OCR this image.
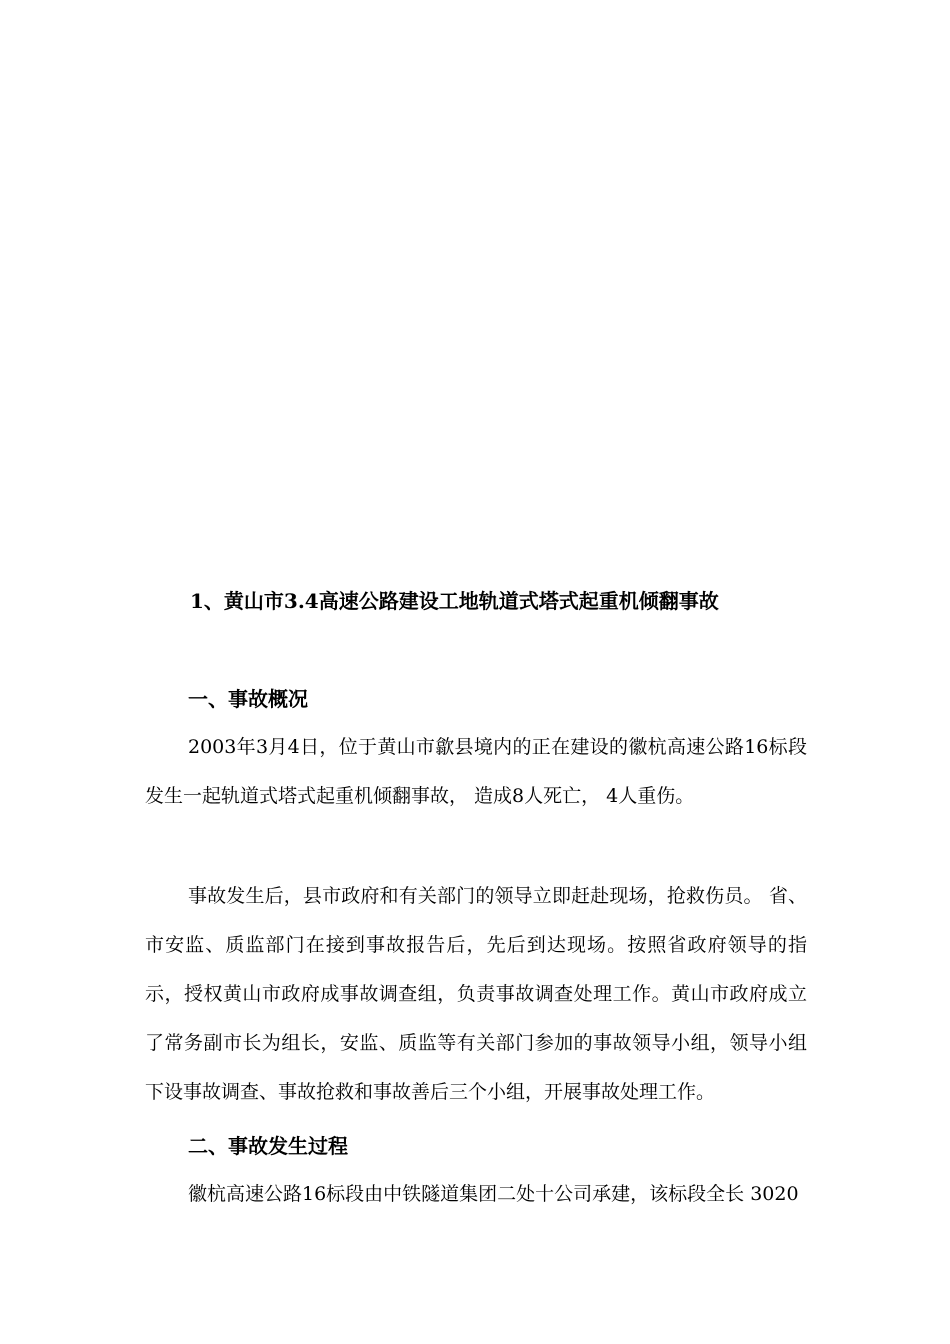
1、黄山市3.4高速公路建设工地轨道式塔式起重机倾翻事故
一、事故概况
2003年3月4日，位于黄山市歙县境内的正在建设的徽杭高速公路16标段发生一起轨道式塔式起重机倾翻事故， 造成8人死亡， 4人重伤。
事故发生后，县市政府和有关部门的领导立即赶赴现场，抢救伤员。 省、市安监、质监部门在接到事故报告后，先后到达现场。按照省政府领导的指示，授权黄山市政府成事故调查组，负责事故调查处理工作。黄山市政府成立了常务副市长为组长，安监、质监等有关部门参加的事故领导小组，领导小组下设事故调查、事故抢救和事故善后三个小组，开展事故处理工作。
二、事故发生过程
徽杭高速公路16标段由中铁隧道集团二处十公司承建，该标段全长 3020
